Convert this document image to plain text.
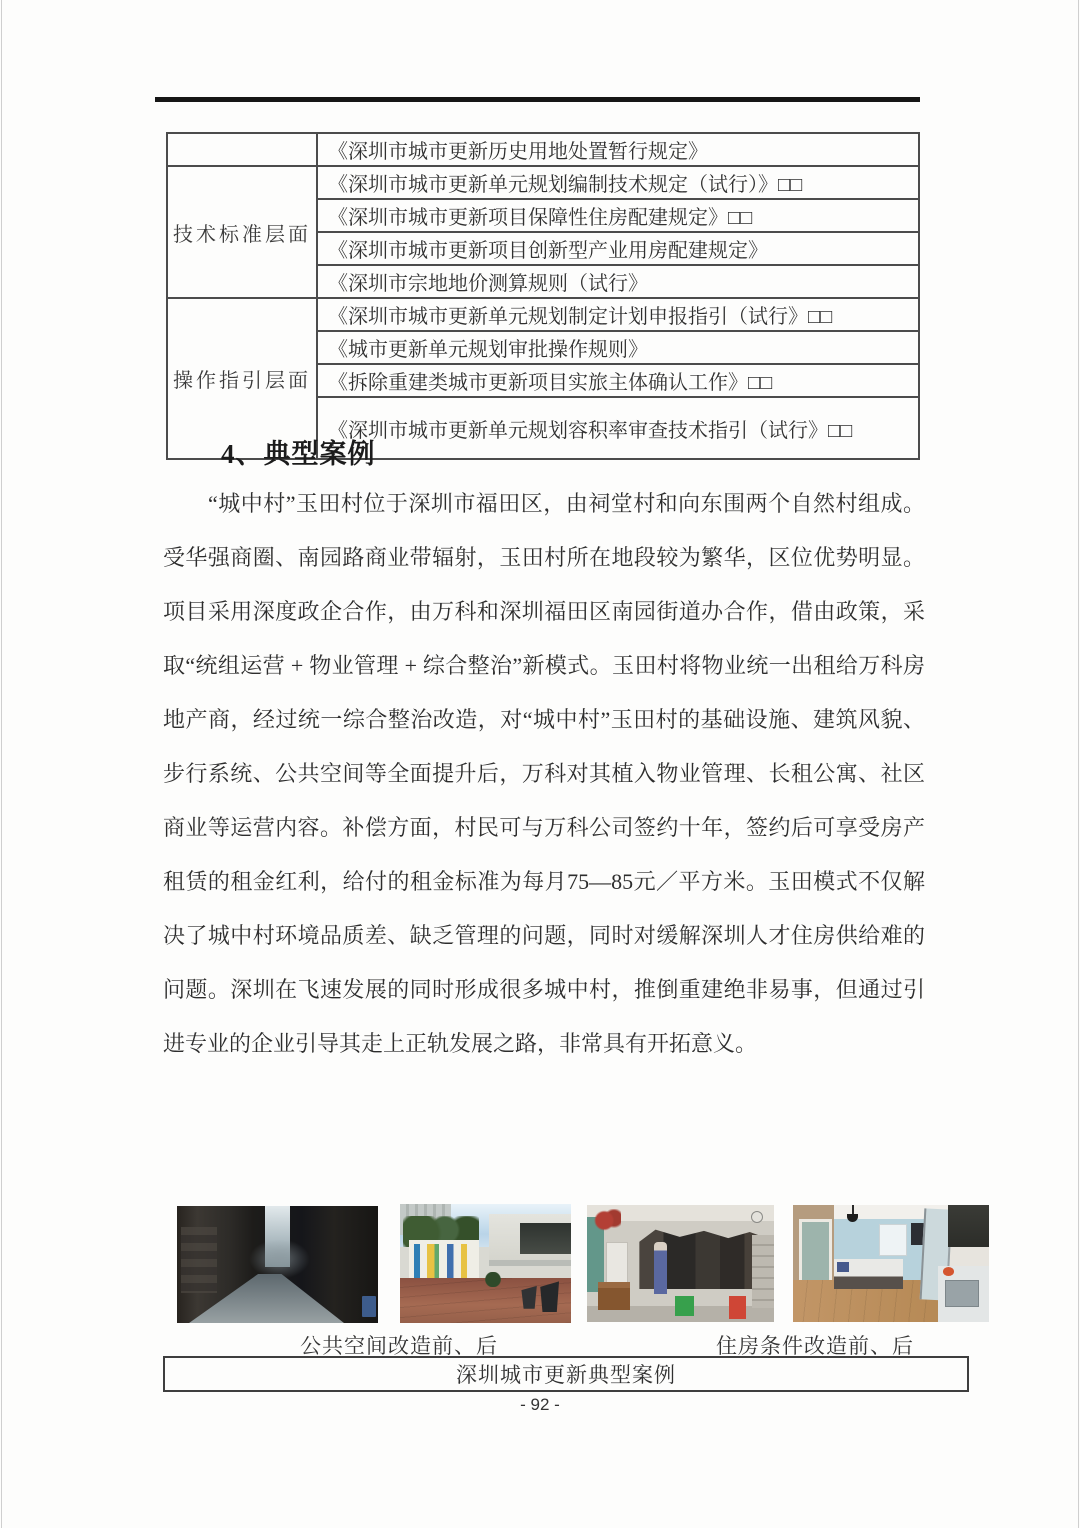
	《深圳市城市更新历史用地处置暂行规定》
技术标准层面	《深圳市城市更新单元规划编制技术规定（试行）》□□
	《深圳市城市更新项目保障性住房配建规定》□□
	《深圳市城市更新项目创新型产业用房配建规定》
	《深圳市宗地地价测算规则（试行》
操作指引层面	《深圳市城市更新单元规划制定计划申报指引（试行》□□
	《城市更新单元规划审批操作规则》
	《拆除重建类城市更新项目实旅主体确认工作》□□
	《深圳市城市更新单元规划容积率审查技术指引（试行》□□
4、典型案例
“城中村”玉田村位于深圳市福田区，由祠堂村和向东围两个自然村组成。受华强商圈、南园路商业带辐射，玉田村所在地段较为繁华，区位优势明显。项目采用深度政企合作，由万科和深圳福田区南园街道办合作，借由政策，采取“统组运营 + 物业管理 + 综合整治”新模式。玉田村将物业统一出租给万科房地产商，经过统一综合整治改造，对“城中村”玉田村的基础设施、建筑风貌、步行系统、公共空间等全面提升后，万科对其植入物业管理、长租公寓、社区商业等运营内容。补偿方面，村民可与万科公司签约十年，签约后可享受房产租赁的租金红利，给付的租金标准为每月75—85元／平方米。玉田模式不仅解决了城中村环境品质差、缺乏管理的问题，同时对缓解深圳人才住房供给难的问题。深圳在飞速发展的同时形成很多城中村，推倒重建绝非易事，但通过引进专业的企业引导其走上正轨发展之路，非常具有开拓意义。
公共空间改造前、后	住房条件改造前、后
深圳城市更新典型案例
- 92 -
